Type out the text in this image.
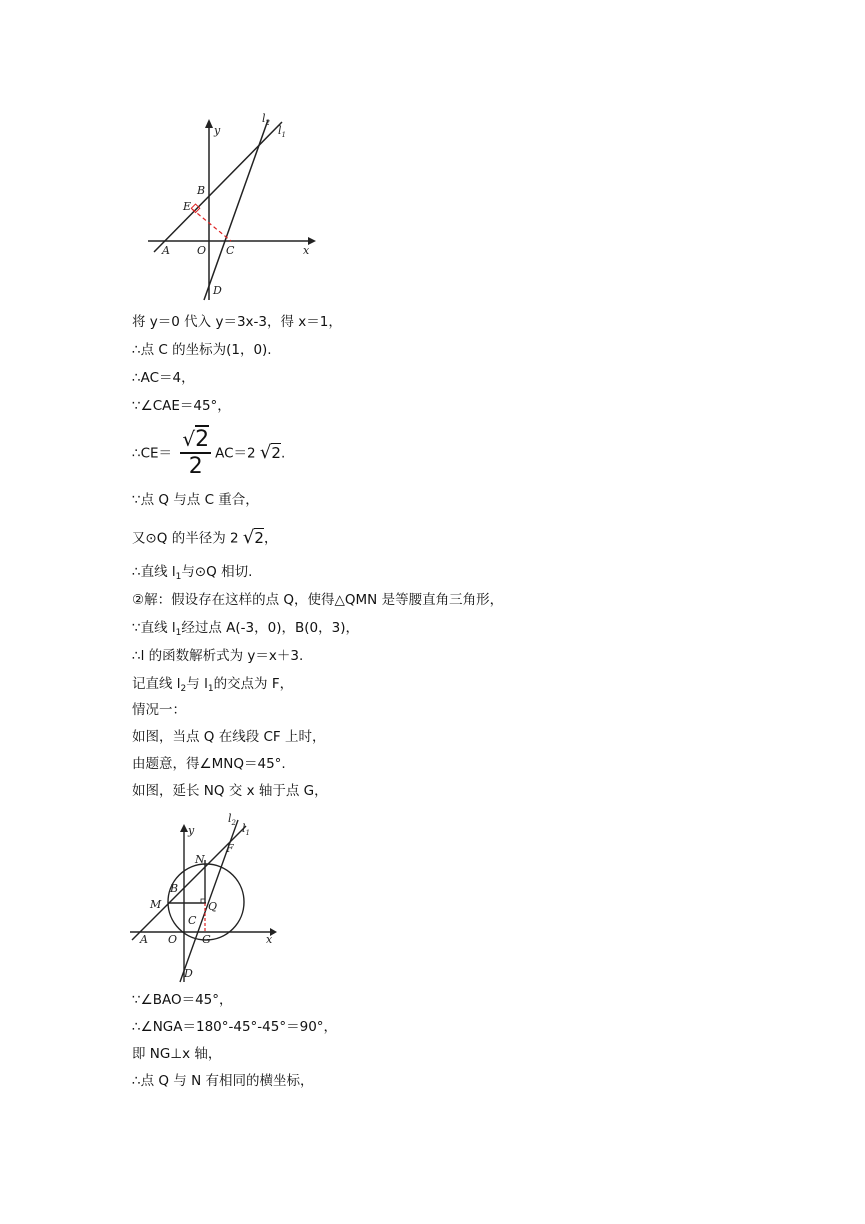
y
$l_2$
$l_1$
B
E
A O C	x
D
将 y＝0 代入 y＝3x-3，得 x＝1，
∴点 C 的坐标为(1，0).
∴AC＝4，
∵∠CAE＝45°，
∴CE＝ $\frac{√2}{2} AC=2$ √2.
∵点 Q 与点 C 重合，
又⊙Q 的半径为 2 √2，
∴直线 $l_1$与⊙Q 相切.
②解：假设存在这样的点 Q，使得△QMN 是等腰直角三角形，
∵直线 $l_1$经过点 A(-3，0)，B(0，3)，
∴l 的函数解析式为 y＝x＋3.
记直线 $l_2$与 $l_1$的交点为 F，
情况一：
如图，当点 Q 在线段 CF 上时，
由题意，得∠MNQ＝45°.
如图，延长 NQ 交 x 轴于点 G，
y
$l_2$ $l_1$
N
F
M
B
Q
C
A O G	x
D
∵∠BAO＝45°，
∴∠NGA＝180°-45°-45°＝90°，
即 NG⊥x 轴，
∴点 Q 与 N 有相同的横坐标，
